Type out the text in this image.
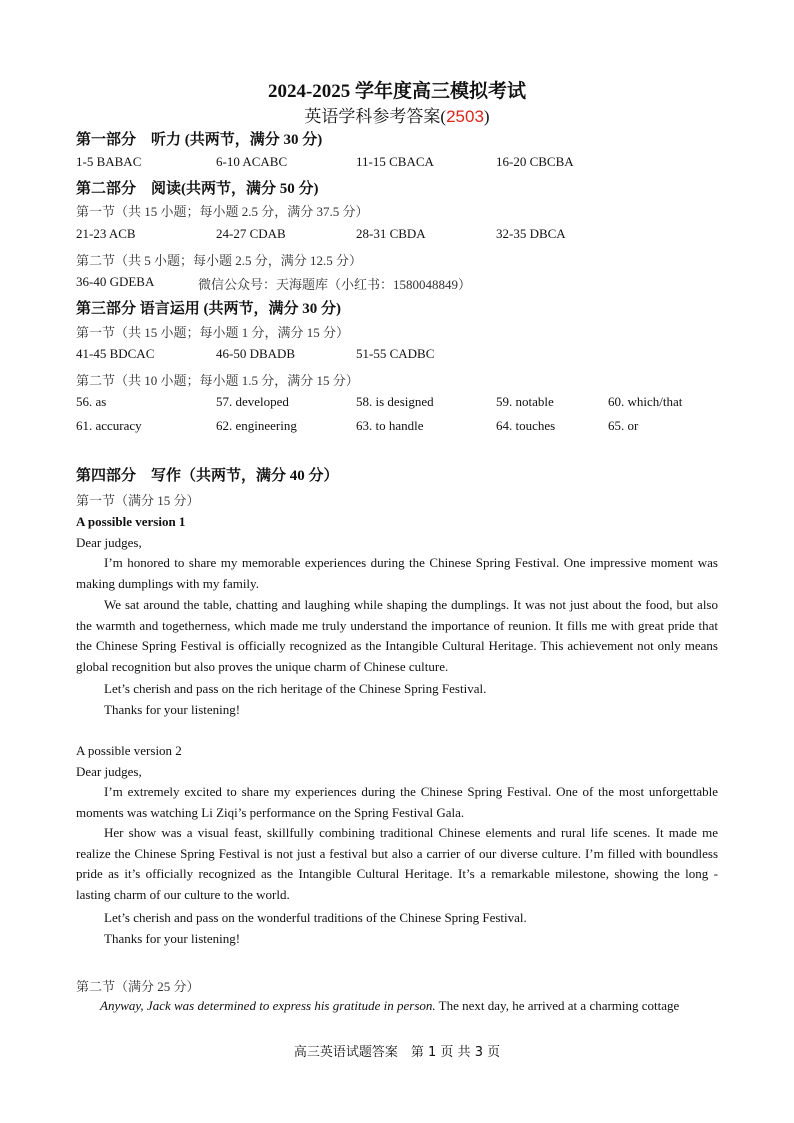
2024-2025 学年度高三模拟考试
英语学科参考答案(2503)
第一部分　听力 (共两节，满分 30 分)
1-5 BABAC	6-10 ACABC	11-15 CBACA	16-20 CBCBA
第二部分　阅读(共两节，满分 50 分)
第一节（共 15 小题；每小题 2.5 分，满分 37.5 分）
21-23 ACB	24-27 CDAB	28-31 CBDA	32-35 DBCA
第二节（共 5 小题；每小题 2.5 分，满分 12.5 分）
36-40 GDEBA	微信公众号：天海题库（小红书：1580048849）
第三部分 语言运用 (共两节，满分 30 分)
第一节（共 15 小题；每小题 1 分，满分 15 分）
41-45 BDCAC	46-50 DBADB	51-55 CADBC
第二节（共 10 小题；每小题 1.5 分，满分 15 分）
56. as	57. developed	58. is designed	59. notable	60. which/that
61. accuracy	62. engineering	63. to handle	64. touches	65. or
第四部分　写作（共两节，满分 40 分）
第一节（满分 15 分）
A possible version 1
Dear judges,
I’m honored to share my memorable experiences during the Chinese Spring Festival. One impressive moment was making dumplings with my family.
We sat around the table, chatting and laughing while shaping the dumplings. It was not just about the food, but also the warmth and togetherness, which made me truly understand the importance of reunion. It fills me with great pride that the Chinese Spring Festival is officially recognized as the Intangible Cultural Heritage. This achievement not only means global recognition but also proves the unique charm of Chinese culture.
Let’s cherish and pass on the rich heritage of the Chinese Spring Festival.
Thanks for your listening!
A possible version 2
Dear judges,
I’m extremely excited to share my experiences during the Chinese Spring Festival. One of the most unforgettable moments was watching Li Ziqi’s performance on the Spring Festival Gala.
Her show was a visual feast, skillfully combining traditional Chinese elements and rural life scenes. It made me realize the Chinese Spring Festival is not just a festival but also a carrier of our diverse culture. I’m filled with boundless pride as it’s officially recognized as the Intangible Cultural Heritage. It’s a remarkable milestone, showing the long - lasting charm of our culture to the world.
Let’s cherish and pass on the wonderful traditions of the Chinese Spring Festival.
Thanks for your listening!
第二节（满分 25 分）
Anyway, Jack was determined to express his gratitude in person. The next day, he arrived at a charming cottage
高三英语试题答案　第 1 页 共 3 页
